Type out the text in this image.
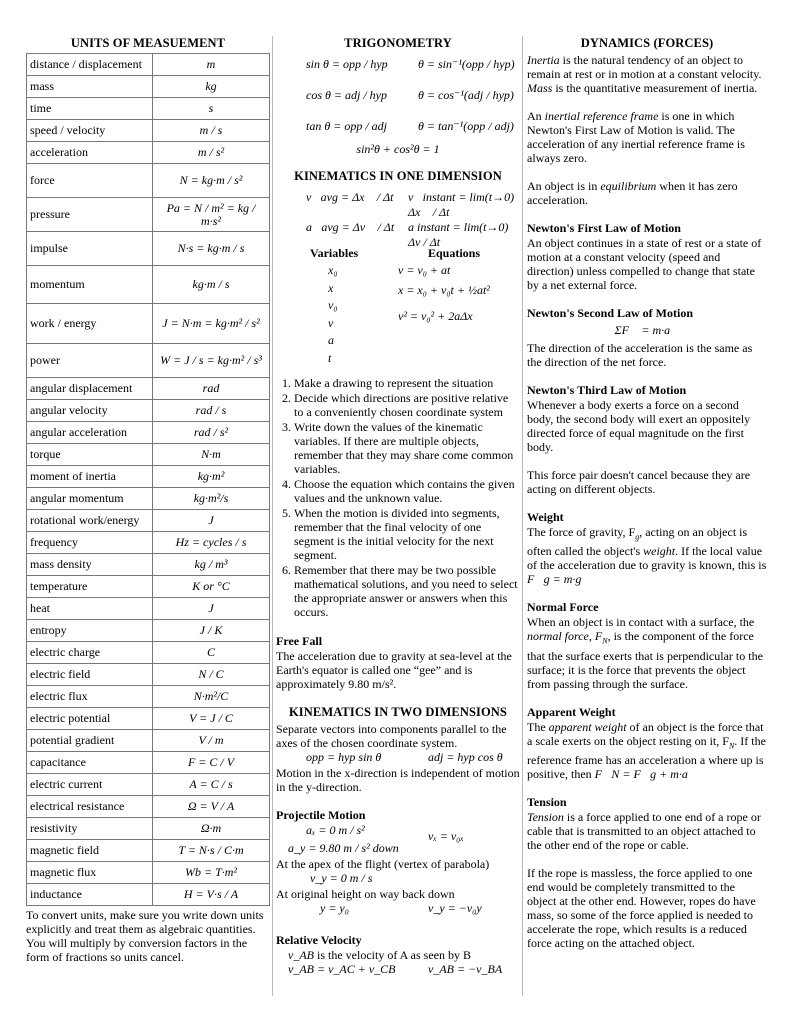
UNITS OF MEASUEMENT
distance / displacement	m
mass	kg
time	s
speed / velocity	m / s
acceleration	m / s²
force	N = kg·m / s²
pressure	Pa = N / m² = kg / m·s²
impulse	N·s = kg·m / s
momentum	kg·m / s
work / energy	J = N·m = kg·m² / s²
power	W = J / s = kg·m² / s³
angular displacement	rad
angular velocity	rad / s
angular acceleration	rad / s²
torque	N·m
moment of inertia	kg·m²
angular momentum	kg·m²/s
rotational work/energy	J
frequency	Hz = cycles / s
mass density	kg / m³
temperature	K or °C
heat	J
entropy	J / K
electric charge	C
electric field	N / C
electric flux	N·m²/C
electric potential	V = J / C
potential gradient	V / m
capacitance	F = C / V
electric current	A = C / s
electrical resistance	Ω = V / A
resistivity	Ω·m
magnetic field	T = N·s / C·m
magnetic flux	Wb = T·m²
inductance	H = V·s / A

To convert units, make sure you write down units explicitly and treat them as algebraic quantities. You will multiply by conversion factors in the form of fractions so units cancel.

TRIGONOMETRY
sin θ = opp / hyp	θ = sin⁻¹(opp / hyp)
cos θ = adj / hyp	θ = cos⁻¹(adj / hyp)
tan θ = opp / adj	θ = tan⁻¹(opp / adj)
sin²θ + cos²θ = 1
KINEMATICS IN ONE DIMENSION
v⃗avg = Δx⃗ / Δt v⃗instant = lim(t→0) Δx⃗ / Δt
a⃗avg = Δv⃗ / Δt a instant = lim(t→0) Δv / Δt
Variables	Equations
x₀
x
v₀
v
a
t
v = v₀ + at
x = x₀ + v₀t + ½at²
v² = v₀² + 2aΔx
1. Make a drawing to represent the situation
2. Decide which directions are positive relative to a conveniently chosen coordinate system
3. Write down the values of the kinematic variables. If there are multiple objects, remember that they may share come common variables.
4. Choose the equation which contains the given values and the unknown value.
5. When the motion is divided into segments, remember that the final velocity of one segment is the initial velocity for the next segment.
6. Remember that there may be two possible mathematical solutions, and you need to select the appropriate answer or answers when this occurs.

Free Fall

The acceleration due to gravity at sea-level at the Earth's equator is called one “gee” and is approximately 9.80 m/s².

KINEMATICS IN TWO DIMENSIONS

Separate vectors into components parallel to the axes of the chosen coordinate system.

opp = hyp sin θ	adj = hyp cos θ

Motion in the x-direction is independent of motion in the y-direction.

Projectile Motion

aₓ = 0 m / s²	vₓ = v₀ₓ
a_y = 9.80 m / s² down

At the apex of the flight (vertex of parabola)

v_y = 0 m / s

At original height on way back down

y = y₀	v_y = −v₀y

Relative Velocity

v_AB is the velocity of A as seen by B

v_AB = v_AC + v_CB	v_AB = −v_BA
DYNAMICS (FORCES)

Inertia is the natural tendency of an object to remain at rest or in motion at a constant velocity. Mass is the quantitative measurement of inertia.

An inertial reference frame is one in which Newton's First Law of Motion is valid. The acceleration of any inertial reference frame is always zero.

An object is in equilibrium when it has zero acceleration.

Newton's First Law of Motion

An object continues in a state of rest or a state of motion at a constant velocity (speed and direction) unless compelled to change that state by a net external force.

Newton's Second Law of Motion

ΣF⃗ = m·a⃗

The direction of the acceleration is the same as the direction of the net force.

Newton's Third Law of Motion

Whenever a body exerts a force on a second body, the second body will exert an oppositely directed force of equal magnitude on the first body.

This force pair doesn't cancel because they are acting on different objects.

Weight

The force of gravity, $F_g$, acting on an object is often called the object's weight. If the local value of the acceleration due to gravity is known, this is F⃗g = m·g⃗

Normal Force

When an object is in contact with a surface, the normal force, $F_N$, is the component of the force that the surface exerts that is perpendicular to the surface; it is the force that prevents the object from passing through the surface.

Apparent Weight

The apparent weight of an object is the force that a scale exerts on the object resting on it, $F_N$. If the reference frame has an acceleration a where up is positive, then F⃗N = F⃗g + m·a⃗

Tension

Tension is a force applied to one end of a rope or cable that is transmitted to an object attached to the other end of the rope or cable.

If the rope is massless, the force applied to one end would be completely transmitted to the object at the other end. However, ropes do have mass, so some of the force applied is needed to accelerate the rope, which results is a reduced force acting on the attached object.
